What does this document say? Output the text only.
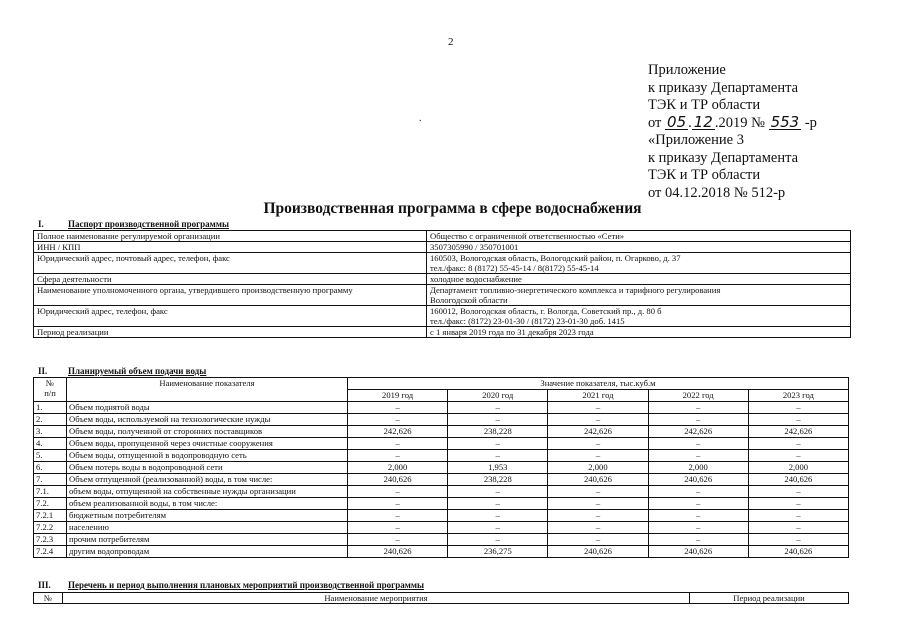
2
Приложение
к приказу Департамента
ТЭК и ТР области
от 05 . 12 .2019 № 553 -р
«Приложение 3
к приказу Департамента
ТЭК и ТР области
от 04.12.2018 № 512-р
.
Производственная программа в сфере водоснабжения
I.	Паспорт производственной программы
Полное наименование регулируемой организации	Общество с ограниченной ответственностью «Сети»

ИНН / КПП	3507305990 / 350701001

Юридический адрес, почтовый адрес, телефон, факс	160503, Вологодская область, Вологодский район, п. Огарково, д. 37
тел./факс: 8 (8172) 55-45-14 / 8(8172) 55-45-14

Сфера деятельности	холодное водоснабжение

Наименование уполномоченного органа, утвердившего производственную программу	Департамент топливно-энергетического комплекса и тарифного регулирования
Вологодской области

Юридический адрес, телефон, факс	160012, Вологодская область, г. Вологда, Советский пр., д. 80 б
тел./факс: (8172) 23-01-30 / (8172) 23-01-30 доб. 1415

Период реализации	с 1 января 2019 года по 31 декабря 2023 года
II. Планируемый объем подачи воды
№
п/п	Наименование показателя	Значение показателя, тыс.куб.м				
		2019 год	2020 год	2021 год	2022 год	2023 год
1.	Объем поднятой воды	–	–	–	–	–
2.	Объем воды, используемой на технологические нужды	–	–	–	–	–
3.	Объем воды, полученной от сторонних поставщиков	242,626	238,228	242,626	242,626	242,626
4.	Объем воды, пропущенной через очистные сооружения	–	–	–	–	–
5.	Объем воды, отпущенной в водопроводную сеть	–	–	–	–	–
6.	Объем потерь воды в водопроводной сети	2,000	1,953	2,000	2,000	2,000
7.	Объем отпущенной (реализованной) воды, в том числе:	240,626	238,228	240,626	240,626	240,626
7.1.	объем воды, отпущенной на собственные нужды организации	–	–	–	–	–
7.2.	объем реализованной воды, в том числе:	–	–	–	–	–
7.2.1	бюджетным потребителям	–	–	–	–	–
7.2.2	населению	–	–	–	–	–
7.2.3	прочим потребителям	–	–	–	–	–
7.2.4	другим водопроводам	240,626	236,275	240,626	240,626	240,626
III. Перечень и период выполнения плановых мероприятий производственной программы
№	Наименование мероприятия	Период реализации
